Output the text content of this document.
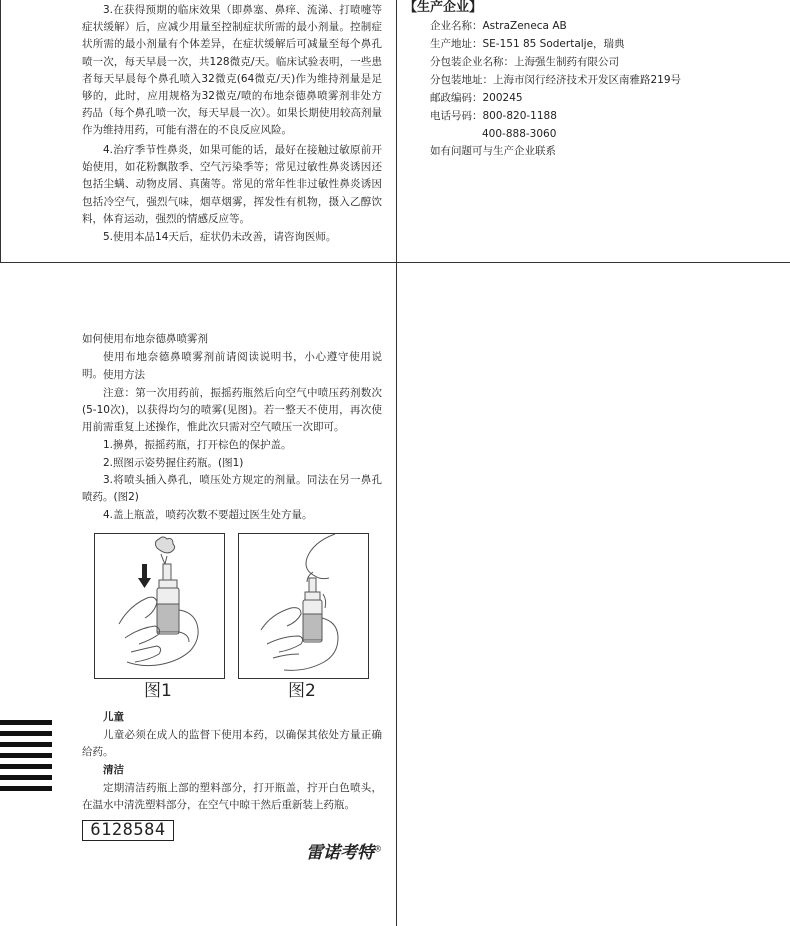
3.在获得预期的临床效果（即鼻塞、鼻痒、流涕、打喷嚏等症状缓解）后，应减少用量至控制症状所需的最小剂量。控制症状所需的最小剂量有个体差异，在症状缓解后可减量至每个鼻孔喷一次，每天早晨一次，共128微克/天。临床试验表明，一些患者每天早晨每个鼻孔喷入32微克(64微克/天)作为维持剂量是足够的，此时，应用规格为32微克/喷的布地奈德鼻喷雾剂非处方药品（每个鼻孔喷一次，每天早晨一次）。如果长期使用较高剂量作为维持用药，可能有潜在的不良反应风险。

4.治疗季节性鼻炎，如果可能的话，最好在接触过敏原前开始使用，如花粉飘散季、空气污染季等；常见过敏性鼻炎诱因还包括尘螨、动物皮屑、真菌等。常见的常年性非过敏性鼻炎诱因包括冷空气，强烈气味，烟草烟雾，挥发性有机物，摄入乙醇饮料，体育运动，强烈的情感反应等。

5.使用本品14天后，症状仍未改善，请咨询医师。

【生产企业】
企业名称：AstraZeneca AB
生产地址：SE-151 85 Sodertalje，瑞典
分包装企业名称：上海强生制药有限公司
分包装地址：上海市闵行经济技术开发区南雅路219号
邮政编码：200245
电话号码：800-820-1188
400-888-3060
如有问题可与生产企业联系

如何使用布地奈德鼻喷雾剂

使用布地奈德鼻喷雾剂前请阅读说明书，小心遵守使用说明。 使用方法

注意：第一次用药前，振摇药瓶然后向空气中喷压药剂数次(5-10次)，以获得均匀的喷雾(见图)。若一整天不使用，再次使用前需重复上述操作，惟此次只需对空气喷压一次即可。

1.擤鼻，振摇药瓶，打开棕色的保护盖。

2.照图示姿势握住药瓶。(图1)

3.将喷头插入鼻孔，喷压处方规定的剂量。同法在另一鼻孔喷药。(图2)

4.盖上瓶盖，喷药次数不要超过医生处方量。

图1	图2

儿童

儿童必须在成人的监督下使用本药，以确保其依处方量正确给药。

清洁

定期清洁药瓶上部的塑料部分，打开瓶盖，拧开白色喷头，在温水中清洗塑料部分，在空气中晾干然后重新装上药瓶。

6128584
雷诺考特®
